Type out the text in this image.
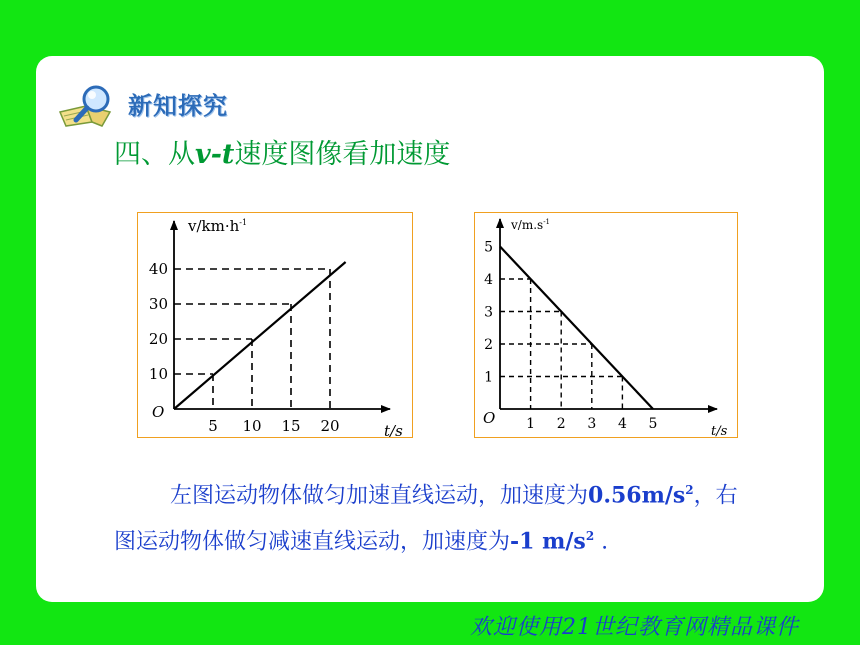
新知探究
四、从v-t速度图像看加速度
5 10 15 20
10
20
30
40
O
$v/km\cdot h^{-1}$
t/s	1 2 3 4 5
1
2
3
4
5
O
$v/m.s^{-1}$
t/s
左图运动物体做匀加速直线运动，加速度为$0.56m/s^2$，右图运动物体做匀减速直线运动，加速度为-1 $m/s^2$ .
欢迎使用21世纪教育网精品课件
